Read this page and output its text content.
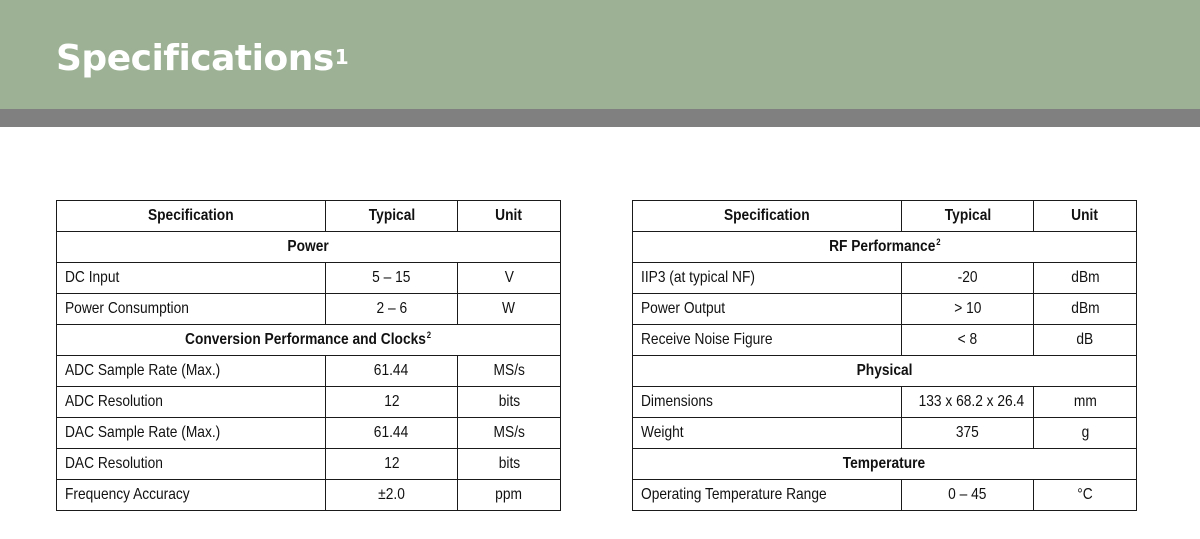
Specifications$^1$
Specification	Typical	Unit
Power		
DC Input	5 – 15	V
Power Consumption	2 – 6	W
Conversion Performance and Clocks$^2$
ADC Sample Rate (Max.)	61.44	MS/s
ADC Resolution	12	bits
DAC Sample Rate (Max.)	61.44	MS/s
DAC Resolution	12	bits
Frequency Accuracy	±2.0	ppm
Specification	Typical	Unit
RF Performance$^2$
IIP3 (at typical NF)	-20	dBm
Power Output	> 10	dBm
Receive Noise Figure	< 8	dB
Physical		
Dimensions	133 x 68.2 x 26.4	mm
Weight	375	g
Temperature		
Operating Temperature Range	0 – 45	°C
